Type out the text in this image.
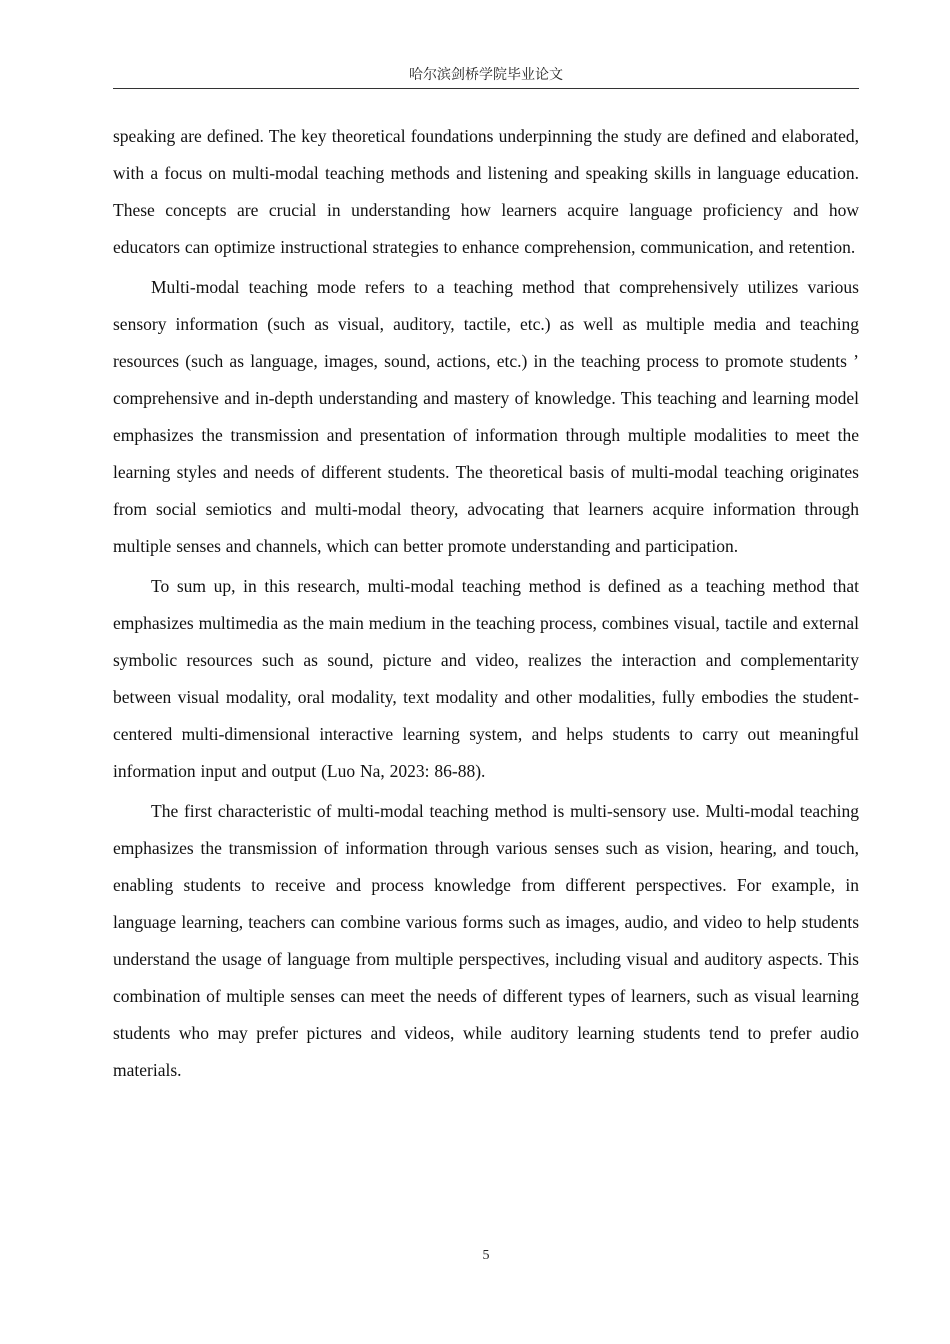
哈尔滨剑桥学院毕业论文

speaking are defined. The key theoretical foundations underpinning the study are defined and elaborated, with a focus on multi-modal teaching methods and listening and speaking skills in language education. These concepts are crucial in understanding how learners acquire language proficiency and how educators can optimize instructional strategies to enhance comprehension, communication, and retention.

Multi-modal teaching mode refers to a teaching method that comprehensively utilizes various sensory information (such as visual, auditory, tactile, etc.) as well as multiple media and teaching resources (such as language, images, sound, actions, etc.) in the teaching process to promote students ’ comprehensive and in-depth understanding and mastery of knowledge. This teaching and learning model emphasizes the transmission and presentation of information through multiple modalities to meet the learning styles and needs of different students. The theoretical basis of multi-modal teaching originates from social semiotics and multi-modal theory, advocating that learners acquire information through multiple senses and channels, which can better promote understanding and participation.

To sum up, in this research, multi-modal teaching method is defined as a teaching method that emphasizes multimedia as the main medium in the teaching process, combines visual, tactile and external symbolic resources such as sound, picture and video, realizes the interaction and complementarity between visual modality, oral modality, text modality and other modalities, fully embodies the student-centered multi-dimensional interactive learning system, and helps students to carry out meaningful information input and output (Luo Na, 2023: 86-88).

The first characteristic of multi-modal teaching method is multi-sensory use. Multi-modal teaching emphasizes the transmission of information through various senses such as vision, hearing, and touch, enabling students to receive and process knowledge from different perspectives. For example, in language learning, teachers can combine various forms such as images, audio, and video to help students understand the usage of language from multiple perspectives, including visual and auditory aspects. This combination of multiple senses can meet the needs of different types of learners, such as visual learning students who may prefer pictures and videos, while auditory learning students tend to prefer audio materials.

5
